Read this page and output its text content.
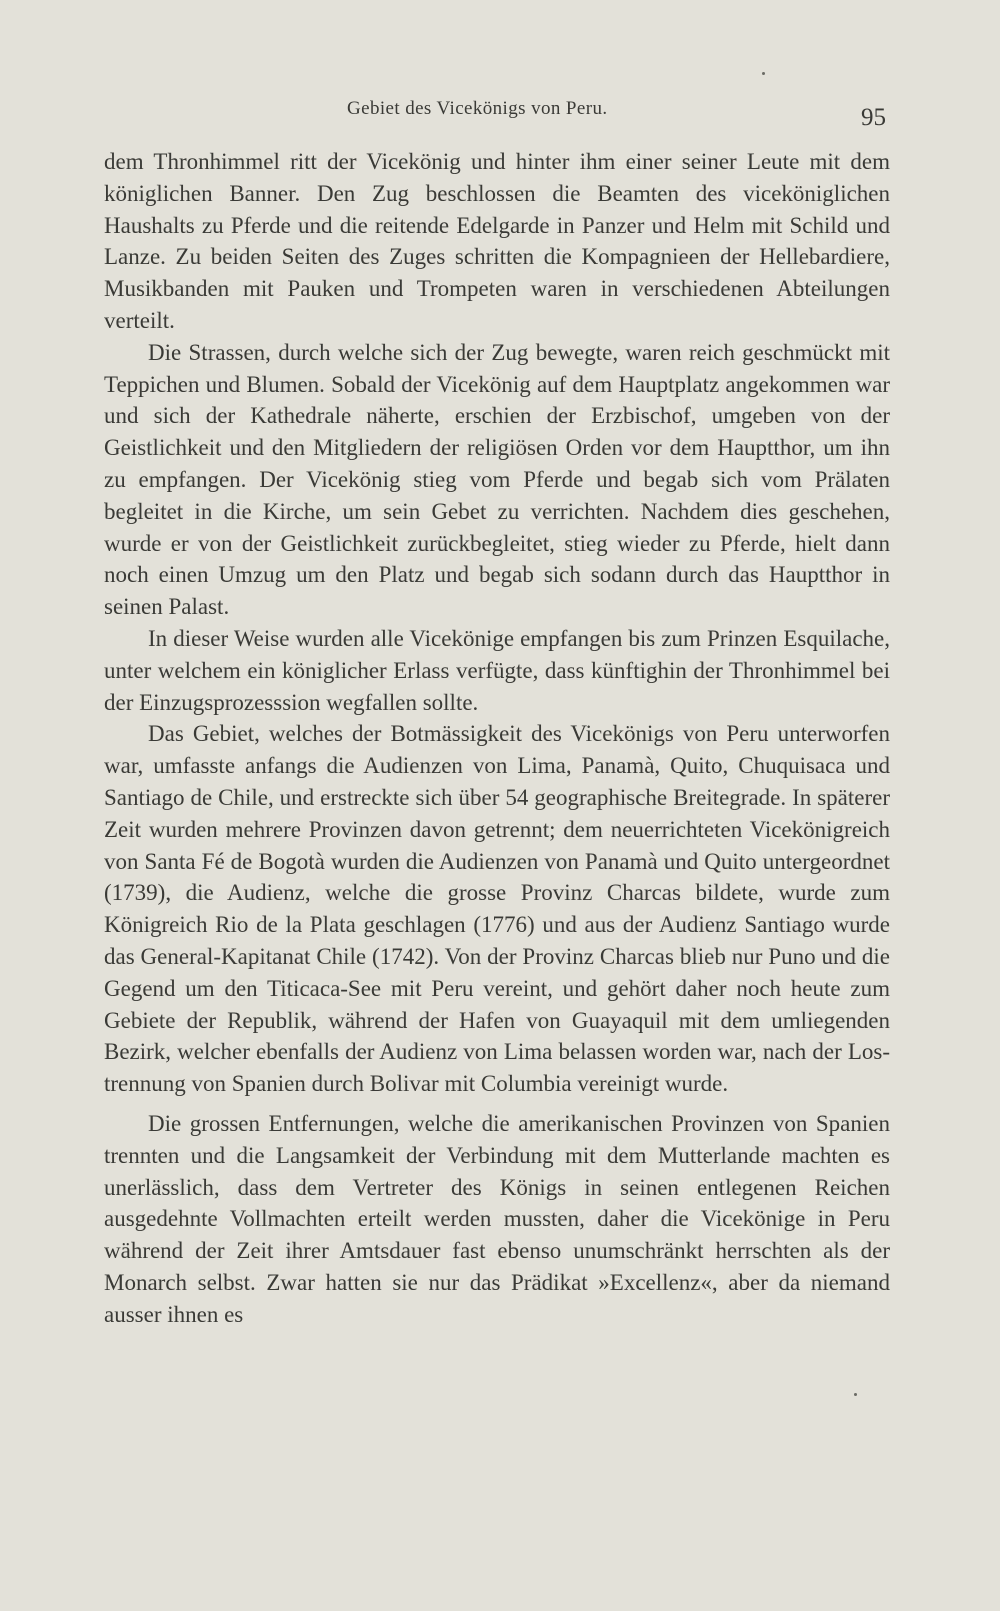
Gebiet des Vicekönigs von Peru.	95

dem Thronhimmel ritt der Vicekönig und hinter ihm einer seiner Leute mit dem königlichen Banner. Den Zug beschlossen die Beamten des viceköniglichen Haushalts zu Pferde und die reitende Edelgarde in Panzer und Helm mit Schild und Lanze. Zu beiden Seiten des Zuges schritten die Kompagnieen der Hellebardiere, Musikbanden mit Pauken und Trompeten waren in verschiedenen Abteilungen verteilt.

Die Strassen, durch welche sich der Zug bewegte, waren reich geschmückt mit Teppichen und Blumen. Sobald der Vicekönig auf dem Hauptplatz angekommen war und sich der Kathedrale näherte, erschien der Erzbischof, umgeben von der Geistlichkeit und den Mitgliedern der religiösen Orden vor dem Hauptthor, um ihn zu empfangen. Der Vicekönig stieg vom Pferde und begab sich vom Prälaten begleitet in die Kirche, um sein Gebet zu verrichten. Nachdem dies geschehen, wurde er von der Geistlichkeit zurückbegleitet, stieg wieder zu Pferde, hielt dann noch einen Umzug um den Platz und begab sich sodann durch das Hauptthor in seinen Palast.

In dieser Weise wurden alle Vicekönige empfangen bis zum Prinzen Esquilache, unter welchem ein königlicher Erlass verfügte, dass künftighin der Thronhimmel bei der Einzugsprozesssion wegfallen sollte.

Das Gebiet, welches der Botmässigkeit des Vicekönigs von Peru unterworfen war, umfasste anfangs die Audienzen von Lima, Panamà, Quito, Chuquisaca und Santiago de Chile, und erstreckte sich über 54 geographische Breitegrade. In späterer Zeit wurden mehrere Provinzen davon getrennt; dem neuerrichteten Vicekönigreich von Santa Fé de Bogotà wurden die Audienzen von Panamà und Quito untergeordnet (1739), die Audienz, welche die grosse Provinz Charcas bildete, wurde zum Königreich Rio de la Plata geschlagen (1776) und aus der Audienz Santiago wurde das General-Kapitanat Chile (1742). Von der Provinz Charcas blieb nur Puno und die Gegend um den Titicaca-See mit Peru vereint, und gehört daher noch heute zum Gebiete der Republik, während der Hafen von Guayaquil mit dem umliegenden Bezirk, welcher ebenfalls der Audienz von Lima belassen worden war, nach der Lostrennung von Spanien durch Bolivar mit Columbia vereinigt wurde.

Die grossen Entfernungen, welche die amerikanischen Provinzen von Spanien trennten und die Langsamkeit der Verbindung mit dem Mutterlande machten es unerlässlich, dass dem Vertreter des Königs in seinen entlegenen Reichen ausgedehnte Vollmachten erteilt werden mussten, daher die Vicekönige in Peru während der Zeit ihrer Amtsdauer fast ebenso unumschränkt herrschten als der Monarch selbst. Zwar hatten sie nur das Prädikat »Excellenz«, aber da niemand ausser ihnen es
